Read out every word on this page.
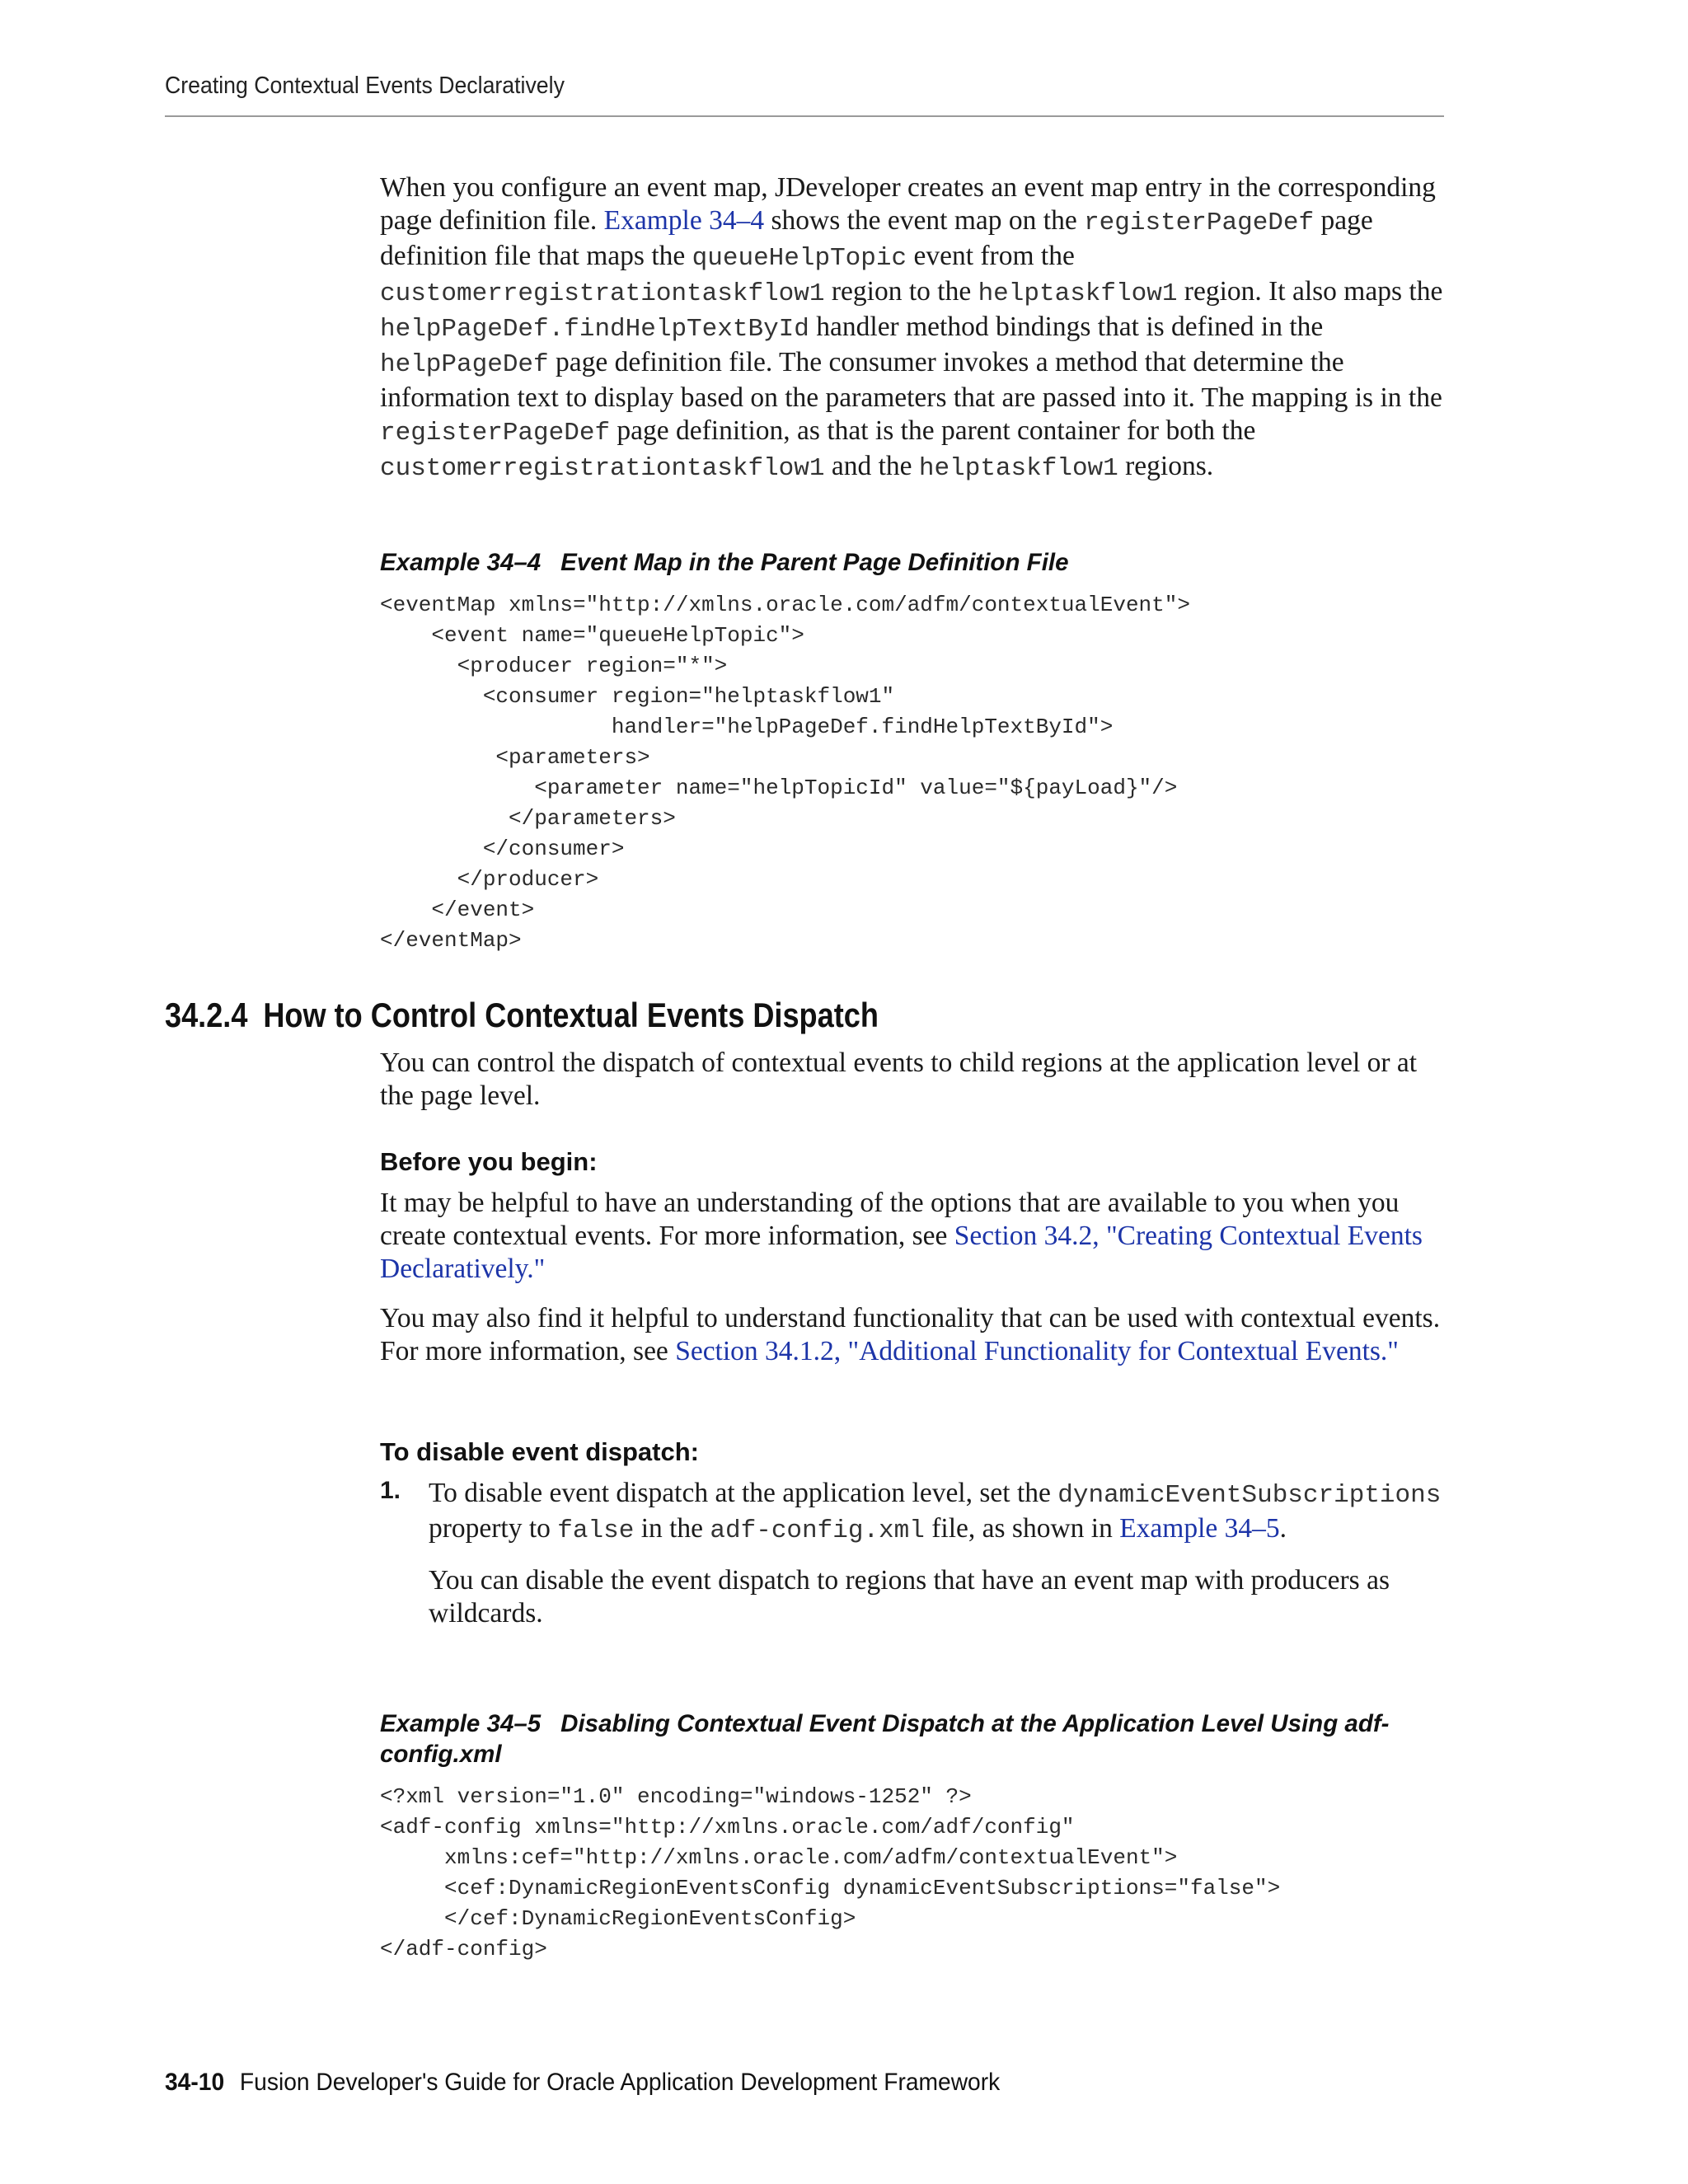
Creating Contextual Events Declaratively

When you configure an event map, JDeveloper creates an event map entry in the corresponding page definition file. Example 34–4 shows the event map on the registerPageDef page definition file that maps the queueHelpTopic event from the customerregistrationtaskflow1 region to the helptaskflow1 region. It also maps the helpPageDef.findHelpTextById handler method bindings that is defined in the helpPageDef page definition file. The consumer invokes a method that determine the information text to display based on the parameters that are passed into it. The mapping is in the registerPageDef page definition, as that is the parent container for both the customerregistrationtaskflow1 and the helptaskflow1 regions.

Example 34–4 Event Map in the Parent Page Definition File
<eventMap xmlns="http://xmlns.oracle.com/adfm/contextualEvent">
<event name="queueHelpTopic">
<producer region="*">
<consumer region="helptaskflow1"
handler="helpPageDef.findHelpTextById">
<parameters>
<parameter name="helpTopicId" value="${payLoad}"/>
</parameters>
</consumer>
</producer>
</event>
</eventMap>
34.2.4 How to Control Contextual Events Dispatch

You can control the dispatch of contextual events to child regions at the application level or at the page level.

Before you begin:

It may be helpful to have an understanding of the options that are available to you when you create contextual events. For more information, see Section 34.2, "Creating Contextual Events Declaratively."

You may also find it helpful to understand functionality that can be used with contextual events. For more information, see Section 34.1.2, "Additional Functionality for Contextual Events."

To disable event dispatch:

1. To disable event dispatch at the application level, set the dynamicEventSubscriptions property to false in the adf-config.xml file, as shown in Example 34–5.

You can disable the event dispatch to regions that have an event map with producers as wildcards.

Example 34–5 Disabling Contextual Event Dispatch at the Application Level Using adf-config.xml
<?xml version="1.0" encoding="windows-1252" ?>
<adf-config xmlns="http://xmlns.oracle.com/adf/config"
xmlns:cef="http://xmlns.oracle.com/adfm/contextualEvent">
<cef:DynamicRegionEventsConfig dynamicEventSubscriptions="false">
</cef:DynamicRegionEventsConfig>
</adf-config>
34-10 Fusion Developer's Guide for Oracle Application Development Framework
